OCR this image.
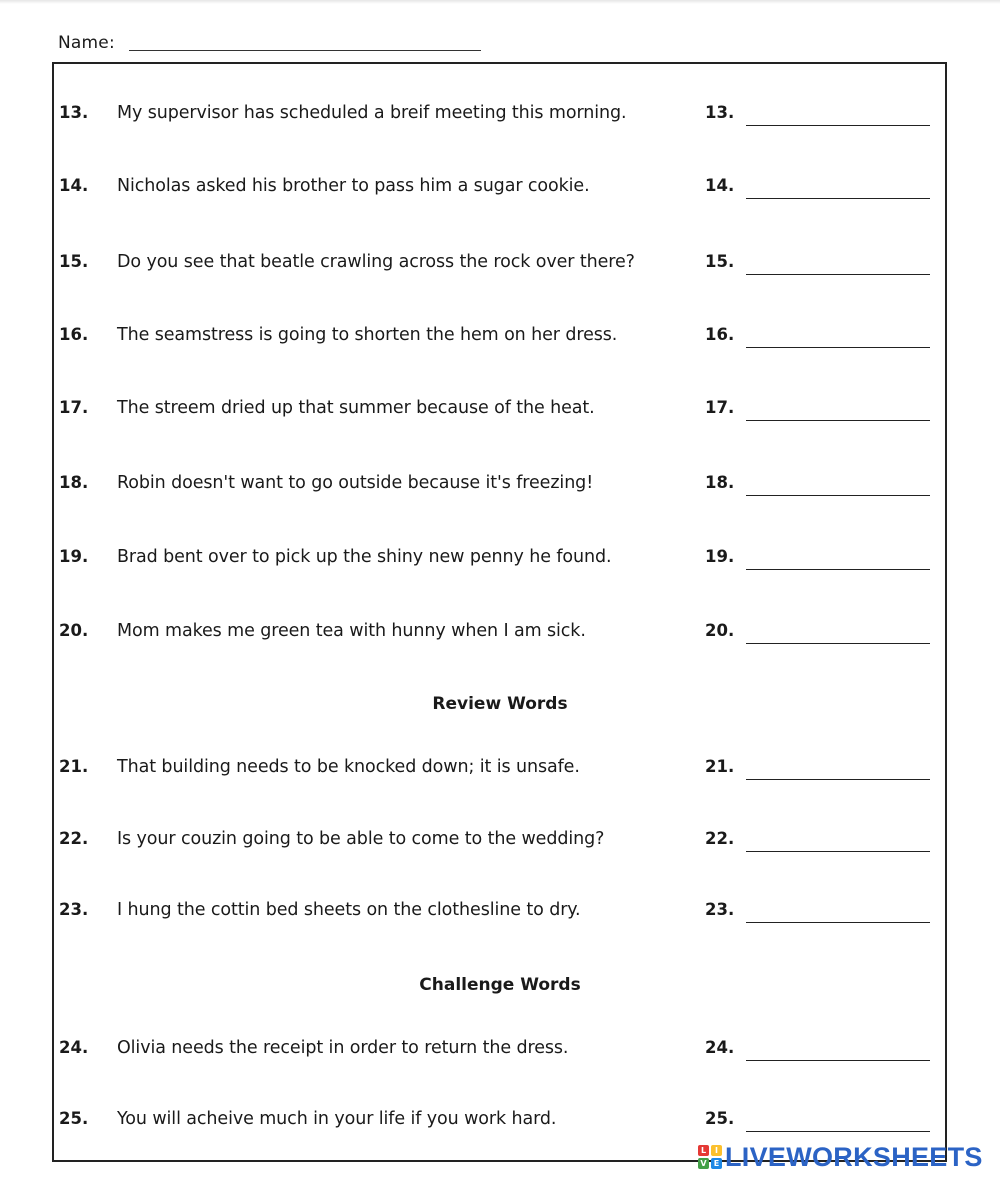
Name:
13. My supervisor has scheduled a breif meeting this morning.	13.
14. Nicholas asked his brother to pass him a sugar cookie.	14.
15. Do you see that beatle crawling across the rock over there?	15.
16. The seamstress is going to shorten the hem on her dress.	16.
17. The streem dried up that summer because of the heat.	17.
18. Robin doesn't want to go outside because it's freezing!	18.
19. Brad bent over to pick up the shiny new penny he found.	19.
20. Mom makes me green tea with hunny when I am sick.	20.
Review Words
21. That building needs to be knocked down; it is unsafe.	21.
22. Is your couzin going to be able to come to the wedding?	22.
23. I hung the cottin bed sheets on the clothesline to dry.	23.
Challenge Words
24. Olivia needs the receipt in order to return the dress.	24.
25. You will acheive much in your life if you work hard.	25.
L	I
V E LIVEWORKSHEETS
